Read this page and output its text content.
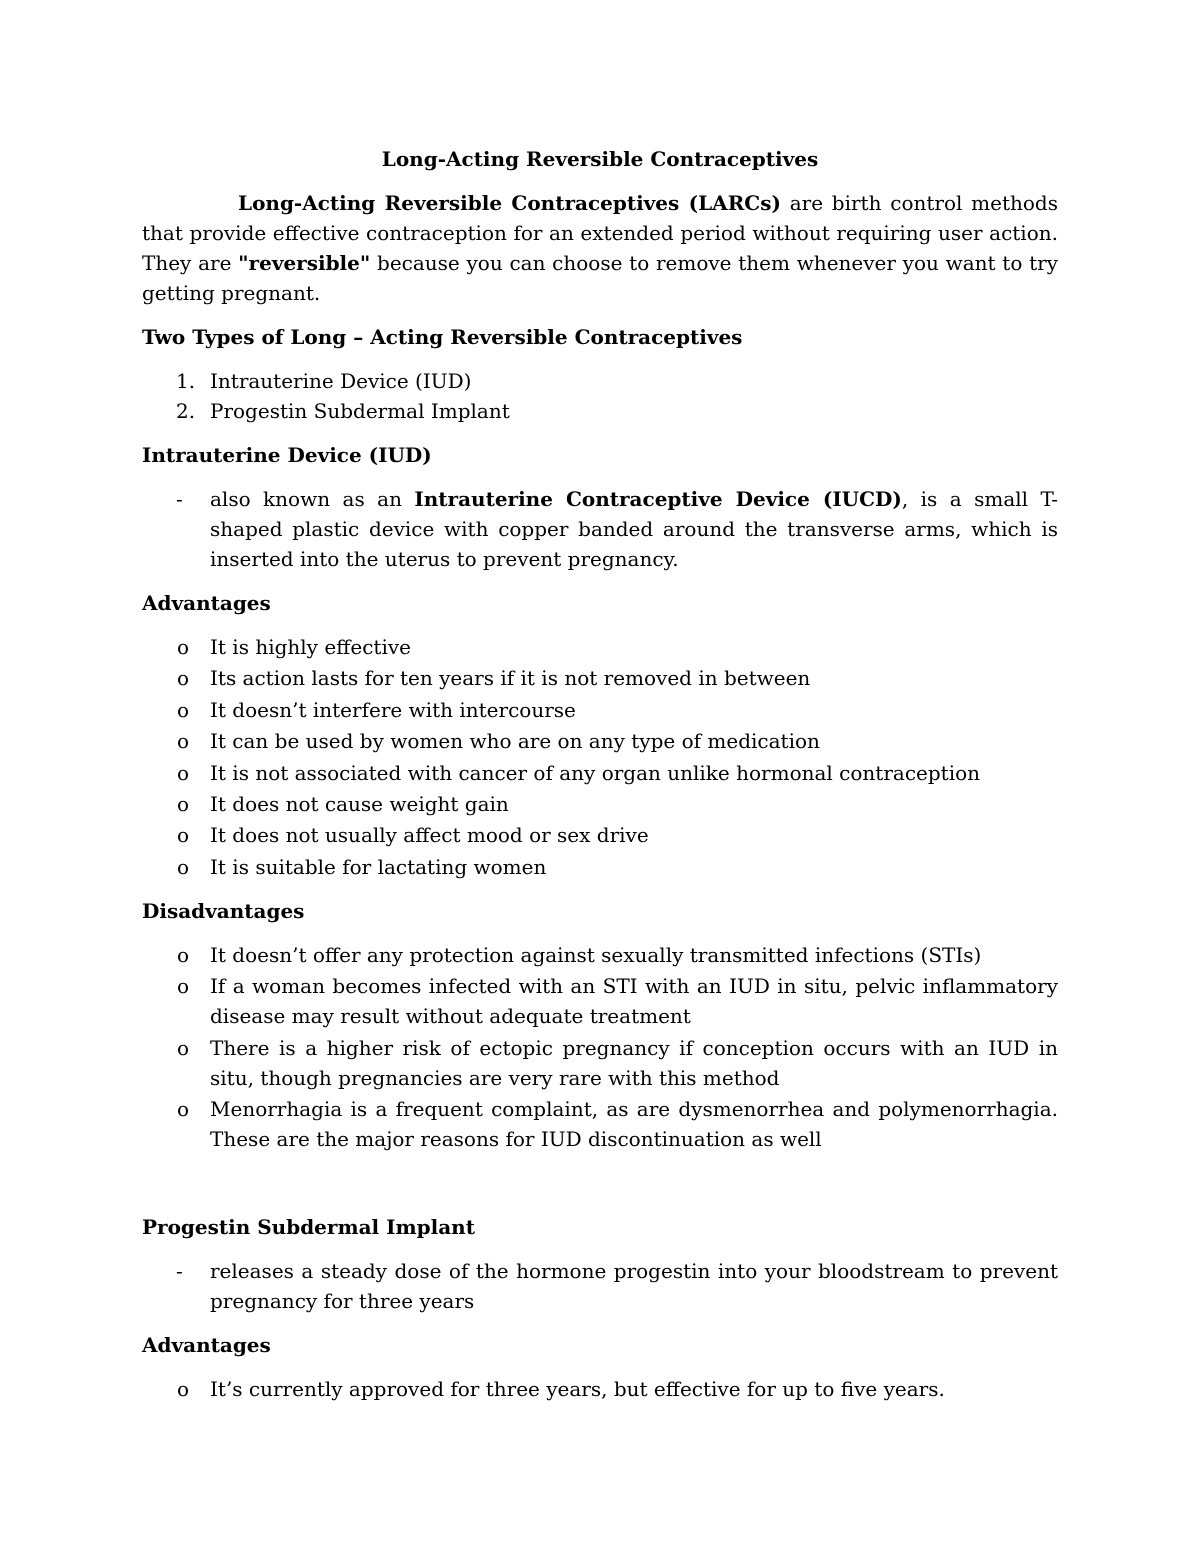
Long-Acting Reversible Contraceptives

Long-Acting Reversible Contraceptives (LARCs) are birth control methods that provide effective contraception for an extended period without requiring user action. They are "reversible" because you can choose to remove them whenever you want to try getting pregnant.

Two Types of Long – Acting Reversible Contraceptives
1. Intrauterine Device (IUD)
2. Progestin Subdermal Implant
Intrauterine Device (IUD)
- also known as an Intrauterine Contraceptive Device (IUCD), is a small T-shaped plastic device with copper banded around the transverse arms, which is inserted into the uterus to prevent pregnancy.
Advantages
o It is highly effective
o Its action lasts for ten years if it is not removed in between
o It doesn’t interfere with intercourse
o It can be used by women who are on any type of medication
o It is not associated with cancer of any organ unlike hormonal contraception
o It does not cause weight gain
o It does not usually affect mood or sex drive
o It is suitable for lactating women
Disadvantages
o It doesn’t offer any protection against sexually transmitted infections (STIs)
o If a woman becomes infected with an STI with an IUD in situ, pelvic inflammatory disease may result without adequate treatment
o There is a higher risk of ectopic pregnancy if conception occurs with an IUD in situ, though pregnancies are very rare with this method
o Menorrhagia is a frequent complaint, as are dysmenorrhea and polymenorrhagia. These are the major reasons for IUD discontinuation as well
Progestin Subdermal Implant
- releases a steady dose of the hormone progestin into your bloodstream to prevent pregnancy for three years
Advantages
o It’s currently approved for three years, but effective for up to five years.
